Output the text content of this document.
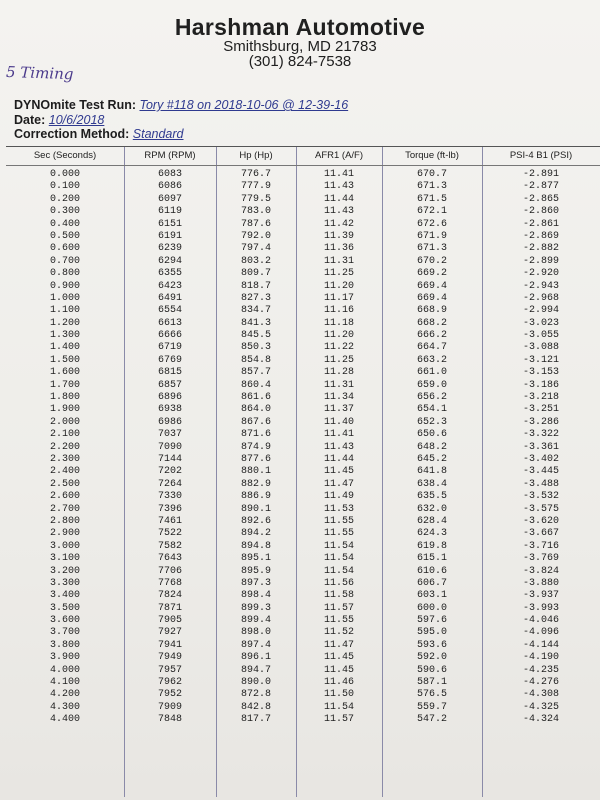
Harshman Automotive
Smithsburg, MD 21783
(301) 824-7538
5 Timing
DYNOmite Test Run: Tory #118 on 2018-10-06 @ 12-39-16
Date: 10/6/2018
Correction Method: Standard
Sec (Seconds)	RPM (RPM)	Hp (Hp)	AFR1 (A/F)	Torque (ft-lb)	PSI-4 B1 (PSI)
0.000	6083	776.7	11.41	670.7	-2.891
0.100	6086	777.9	11.43	671.3	-2.877
0.200	6097	779.5	11.44	671.5	-2.865
0.300	6119	783.0	11.43	672.1	-2.860
0.400	6151	787.6	11.42	672.6	-2.861
0.500	6191	792.0	11.39	671.9	-2.869
0.600	6239	797.4	11.36	671.3	-2.882
0.700	6294	803.2	11.31	670.2	-2.899
0.800	6355	809.7	11.25	669.2	-2.920
0.900	6423	818.7	11.20	669.4	-2.943
1.000	6491	827.3	11.17	669.4	-2.968
1.100	6554	834.7	11.16	668.9	-2.994
1.200	6613	841.3	11.18	668.2	-3.023
1.300	6666	845.5	11.20	666.2	-3.055
1.400	6719	850.3	11.22	664.7	-3.088
1.500	6769	854.8	11.25	663.2	-3.121
1.600	6815	857.7	11.28	661.0	-3.153
1.700	6857	860.4	11.31	659.0	-3.186
1.800	6896	861.6	11.34	656.2	-3.218
1.900	6938	864.0	11.37	654.1	-3.251
2.000	6986	867.6	11.40	652.3	-3.286
2.100	7037	871.6	11.41	650.6	-3.322
2.200	7090	874.9	11.43	648.2	-3.361
2.300	7144	877.6	11.44	645.2	-3.402
2.400	7202	880.1	11.45	641.8	-3.445
2.500	7264	882.9	11.47	638.4	-3.488
2.600	7330	886.9	11.49	635.5	-3.532
2.700	7396	890.1	11.53	632.0	-3.575
2.800	7461	892.6	11.55	628.4	-3.620
2.900	7522	894.2	11.55	624.3	-3.667
3.000	7582	894.8	11.54	619.8	-3.716
3.100	7643	895.1	11.54	615.1	-3.769
3.200	7706	895.9	11.54	610.6	-3.824
3.300	7768	897.3	11.56	606.7	-3.880
3.400	7824	898.4	11.58	603.1	-3.937
3.500	7871	899.3	11.57	600.0	-3.993
3.600	7905	899.4	11.55	597.6	-4.046
3.700	7927	898.0	11.52	595.0	-4.096
3.800	7941	897.4	11.47	593.6	-4.144
3.900	7949	896.1	11.45	592.0	-4.190
4.000	7957	894.7	11.45	590.6	-4.235
4.100	7962	890.0	11.46	587.1	-4.276
4.200	7952	872.8	11.50	576.5	-4.308
4.300	7909	842.8	11.54	559.7	-4.325
4.400	7848	817.7	11.57	547.2	-4.324
